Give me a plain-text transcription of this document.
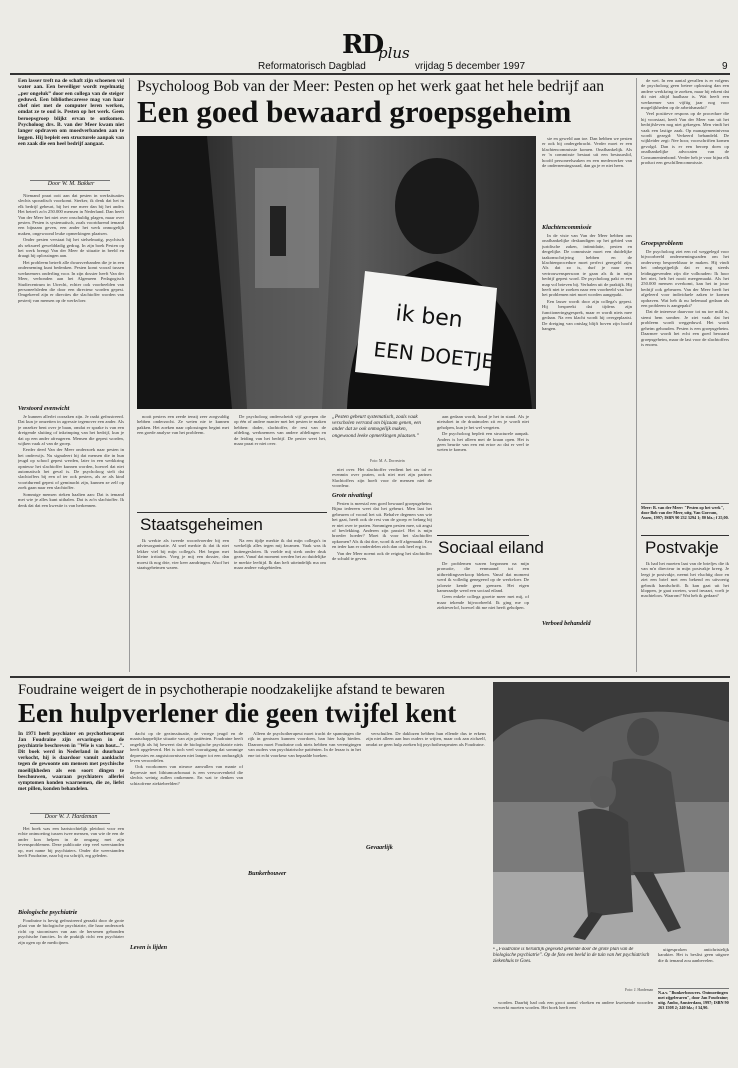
RD
plus
Reformatorisch Dagblad	vrijdag 5 december 1997	9
Een lasser treft na de schaft zijn schoenen vol water aan. Een beveiliger wordt regelmatig „per ongeluk” door een collega van de steiger geduwd. Een bibliothecaresse mag van haar chef niet met de computer leren werken, omdat ze te oud is. Pesten op het werk. Geen beroepsgroep blijkt ervan te ontkomen. Psycholoog drs. B. van der Meer kwam niet langer opdraven om moedverbanden aan te leggen. Hij bepleit een structurele aanpak van een zaak die een heel bedrijf aangaat.
Door W. M. Bakker

Niemand praat ooit aan dat pesten in werksituaties slechts sporadisch voorkomt. Sterker, ik denk dat het in elk bedrijf gebeurt, bij het ene meer dan bij het ander. Het betreft zo'n 250.000 mensen in Nederland. Dan heeft Van der Meer het niet over onschuldig plagen, maar over pesten. Pesten is systematisch, zoals voortdurend iemand een bijnaam geven, een ander het werk onmogelijk maken, ongewoond leuke opmerkingen plaatsen.

Onder pesten verstaat hij het stelselmatig, psychisch als seksueel gewelddadig gedrag. In zijn boek Pesten op het werk brengt Van der Meer de situatie in beeld en draagt hij oplossingen aan.

Het probleem betreft alle dwarsverbanden die je in een onderneming kunt bedenken. Pesten komt vooral tussen werknemers onderling voor. In zijn dossier heeft Van der Meer, verbonden aan het Algemeen Pedagogisch Studiecentrum in Utrecht, echter ook voorbeelden van personeelsleden die door een directeur worden gepest. Omgekeerd zijn er directies die slachtoffer worden van pesterij van mensen op de werkvloer.

Verstoord evenwicht

Je kunnen allerlei oorzaken zijn. Je raakt gefrustreerd. Dat kun je omzetten in agressie tegenover een ander. Als je onzeker bent over je baan, omdat er sprake is van een dreigende sluiting of inkrimping van het bedrijf, kun je dat op een ander afreageren. Mensen die gepest worden, wijken vaak af van de groep.

Eerder deed Van der Meer onderzoek naar pesten in het onderwijs. Nu signaleert hij dat mensen die in hun jeugd op school gepest werden, later in een werkkring opnieuw het slachtoffer kunnen worden, hoewel dat niet automatisch het geval is. De psycholoog stelt dat slachtoffers bij een of ter ook pesters, als ze als kind voortdurend gepest of geminacht zijn, kunnen ze zelf op zoek gaan naar een slachtoffer.

Sommige mensen rieken haalten aan: Dat is iemand met wie je alles kunt uithalen. Dat is zo'n slachtoffer. Ik denk dat dat een kwestie is van herkennen.

Psycholoog Bob van der Meer: Pesten op het werk gaat het hele bedrijf aan
Een goed bewaard groepsgeheim
ik ben
EEN DOETJE

sie en geweld aan toe. Dan hebben we pesten er ook bij ondergebracht. Verder moet er een klachtencommissie komen. Onafhankelijk. Als er 'n commissie bestaat uit een bestuurslid, hoofd personeelszaken en een medewerker van de ondernemingsraad, dan ga je er niet heen.

Klachtencommissie

In de visie van Van der Meer hebben ons onafhankelijke deskundigen op het gebied van juridische zaken, intimidatie, pesten en dergelijke. De commissie moet een duidelijke taakomschrijving hebben en de klachtenprocedure moet perfect geregeld zijn. Als dat zo is, durf je naar een vertrouwenspersoon te gaan als ik in mijn bedrijf gepest word. De psycholoog pakt er een map vol brieven bij. Verhalen uit de praktijk. Hij heeft niet te zoeken naar een voorbeeld van hoe het problemen niet moet worden aangepakt.

Een lasser wordt door zijn collega's gepest. Hij bespreekt dat tijdens zijn functioneringsgesprek, maar er wordt niets mee gedaan. Na een klacht wordt hij overgeplaatst. De dreiging van ontslag blijft boven zijn hoofd hangen.

de wet. In een aantal gevallen is er volgens de psycholoog geen betere oplossing dan een andere werkkring te zoeken, maar hij erkent dat dit niet altijd haalbaar is. Wat heeft een werknemer van vijftig jaar nog voor mogelijkheden op de arbeidsmarkt?

Veel positieve respons op de procedure die hij voorstaat, heeft Van der Meer van uit het bedrijfsleven nog niet gekregen. Men vindt het vaak een lastige zaak. Op managementniveau wordt gezegd: Verkeerd behandeld. De wijkleider zegt: Nee hoor, voorschriften komen gevolgd. Dan is er een beroep doen op onafhankelijke advocaten van de Consumentenbond. Verder heb je voor bijna elk product een geschillencommissie.

Groepsprobleem

De psycholoog ziet een rol weggelegd voor bijvoorbeeld ondernemingsraden om het onderwerp bespreekbaar te maken. Hij vindt het onbegrijpelijk dat er nog steeds leidinggevenden zijn die volhouden: Ik hoor het niet, heb het nooit meegemaakt. Als het 250.000 mensen overkomt, kan het in jouw bedrijf ook gebeuren. Van der Meer heeft het afgeleerd voor individuele zaken te komen opdraven. Wat heb ik nu helemaal gedaan als een probleem is aangepakt?

Dat de interesse daarvoor tot nu toe mild is, stemt hem somber. Je ziet vaak dat het probleem wordt weggeduwd. Het wordt geheim gehouden. Pesten is een groepsgeheim. Daarmee wordt het echt een goed bewaard groepsgeheim, maar de last voor de slachtoffers is enorm.

Meer: B. van der Meer: "Pesten op het werk", door Bob van der Meer, uitg. Van Gorcum, Assen, 1997; ISBN 90 232 3294 1; 80 blz.; f 25,00.

nooit pesters een zeede tenzij zeer zorgvuldig hebben onderzocht. Ze weten nie te kunnen pakken. Het zoeken naar oplossingen begint met een goede analyse van het probleem.

De psycholoog onderscheidt vijf groepen die op één of andere manier met het pesten te maken hebben: dader, slachtoffer, de rest van de afdeling, werknemers van andere afdelingen en de leiding van het bedrijf. De pester weet het, maar praat er niet over.

„Pesten gebeurt systematisch, zoals vaak verscholen verrand om bijzaam genen, een ander dat ze ook onmogelijk maken, ongewoond leeke opmerkingen plaatsen.”
Foto: M. A. Dorrestein

niet over. Het slachtoffer verdient het ras tal er evenmin over praten, ook niet met zijn partner. Slachtoffers zijn hoeft voor de mensen niet de voordeur.

Grote nivattingl

Pesten is meestal een goed bewaard groepsgeheim. Bijna iedereen weet dat het gebeurt. Men laat het gebeuren of vooral het uit. Behalve degenen van wie het gaat, heeft ook de rest van de groep er belang bij er niet over te praten. Sommigen pesten mee, uit angst of bevlekking. Anderen zijn passief. Het is mijn broeder hoeder? Moet ik voor het slachtoffer opkomen? Als ik dat doe, word ik zelf afgemaakt. Een en ieder kan er onderdelen zich dan ook heel erg in.

Van der Meer noemt ook de reiging het slachtoffer de schuld te geven.

aan gedaan wordt, houd je het in stand. Als je nietsdoet in de draaimolen zit en je wordt niet geholpen, kun je het wel vergeten.

De psycholoog bepleit een structurele aanpak. Anders is het alleen met de kraan open. Het is geen beurtie van een ent ertoe zo dat er veel te weten te komen.

Staatsgeheimen

Ik werkte als tweede woordvoerder bij een adviesorganisatie. Al snel merkte ik dat ik niet lekker viel bij mijn collega's. Het begon met kleine irritaties. Voeg je mij een dossier, dan moest ik nog drie, vier keer aandringen. Alsof het staatsgeheimen waren.

Na een tijdje merkte ik dat mijn collega's in werkelijk alles tegen mij kwamen. Vaak was ik buitengesloten. Ik voelde mij sterk onder druk gezet. Vanaf dat moment werden het zo duidelijke te merkte leeftijd. Ik dan heft uiteindelijk ma om maar andere vakgebieden.

Sociaal eiland

De problemen waren begonnen na mijn promotie, die eenmaand tot een uitbreidingsverkoop bleken. Vanaf dat moment werd ik volledig genegeerd op de werkvloer. De jaloezie kende geen grenzen. Het eigen kameraadje werd een sociaal eiland.

Geen enkele collega groette meer met mij, of maar tekende bijvoorbeeld. Ik ging me op ziekteverlof, hoewel dit me niet heeft geholpen.

Verboed behandeld
Postvakje

Ik had het moeten laat van de briefjes die ik van m'n directeur in mijn postvakje kreeg. Je leegt je postvakje, neemt het vluchtig door en ziet een brief met een bekend en uitvoerig gebruik handschrift. Ik kan gaat uit het kloppen, je gaat zweten, word invaart, voelt je machteloos. Waarom? Wat heb ik gedaan?

Foudraine weigert de in psychotherapie noodzakelijke afstand te bewaren
Een hulpverlener die geen twijfel kent
In 1971 heeft psychiater en psychotherapeut Jan Foudraine zijn ervaringen in de psychiatrie beschreven in "Wie is van hout...". Dit boek werd in Nederland in duurbaar verkocht, hij is daardoor vanuit aanklacht tegen de gewoonte om mensen met psychische moeilijkheden als een soort dingen te beschouwen, waaraan psychiaters allerlei symptomen konden waarnemen, die ze, liefst met pillen, konden behandelen.
Door W. J. Hardeman

Het boek was een hartstochtelijk pleidooi voor een echte ontmoeting tussen twee mensen, van wie de een de ander kon helpen in de omgang met zijn levensproblemen. Deze publicatie riep veel weerstanden op, met name bij psychiaters. Onder die weerstanden heeft Foudraine, naar hij nu schrijft, erg geleden.

Biologische psychiatrie

Foudraine is hevig gefrustreerd geraakt door de grote plaat van de biologische psychiatrie, die haar onderzoek richt op stoornissen van aan de hersenen gebonden psychische functies. In de praktijk richt een psychiater zijn ogen op de medicijnen.

dacht op de gezinssituatie, de vroege jeugd en de maatschappelijke situatie van zijn patiënten. Foudraine heeft ongelijk als hij beweert dat de biologische psychiatrie niets heeft opgeleverd. Het is toch veel vooruitgang dat sommige depressies en angststoornissen niet langer tot een onduraglijk leven veroordelen.

Ook voorkomen van nieuwe aanvallen van manie of depressie met lithiumcarbonaat is een verworvenheid die slechts weinig zullen ontkennen. En wat te denken van schizofrene ziektebeelden?

Leven is lijden

Alleen de psychotherapeut moet tracht de spanningen die rijk in genissen kunnen voordoen, ban hier halp bieden. Daarom moet Foudraine ook niets hebben van verenigingen van ouders van psychiatrische patiënten. In de leraar is in het ene tot echt voorkeur van bepaalde boeken.

Bunkerbouwer

verschuilen. De daklozen hebben hun ellende dus te erkens zijn niet alleen aan hun ouders te wijten, maar ook aan zichzelf, omdat ze geen hulp zoeken bij psychotherapeuten als Foudraine.

Gevaarlijk
• „Foudraine is heruitlijk gegeseld gekende door de grote plan van de biologische psychiatrie". Op de foto een beeld in de tuin van het psychiatrisch ziekenhuis te Goes.
Foto: J. Hardeman

worden. Daarbij had ook een groot aantal vloeken en andere kwetsende woorden verwerkt moeten worden. Het boek heeft een

uitgesproken antichristelijk karakter. Het is beslist geen uitgave die ik iemand zou aanbevelen.

N.a.v. "Bunkerbouwers. Ontmoetingen met zijgeleraren", door Jan Foudraine; uitg. Ambo, Amsterdam, 1997; ISBN 90 263 1508 2; 240 blz.; f 34,90.
